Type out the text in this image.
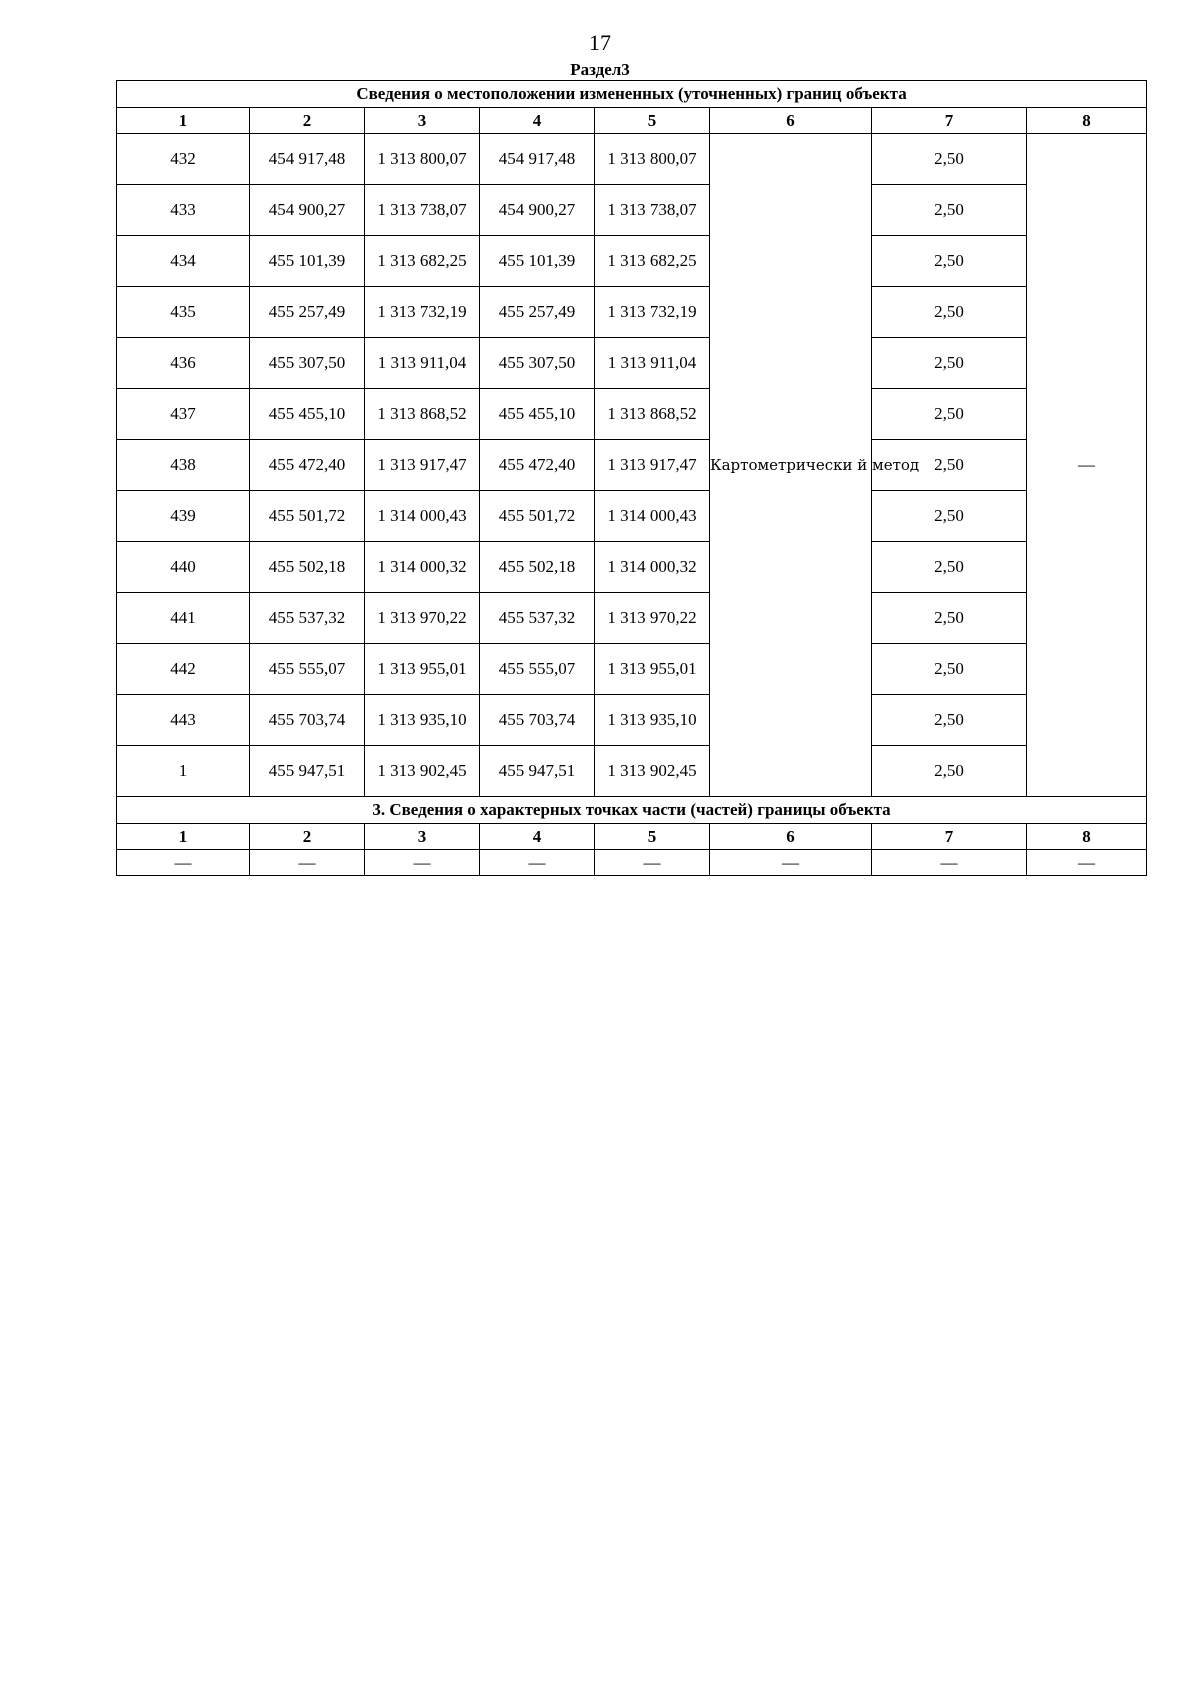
17
Раздел3
Сведения о местоположении измененных (уточненных) границ объекта							
1	2	3	4	5	6	7	8
432	454 917,48	1 313 800,07	454 917,48	1 313 800,07	Картометрически й метод	2,50	—
433	454 900,27	1 313 738,07	454 900,27	1 313 738,07		2,50	
434	455 101,39	1 313 682,25	455 101,39	1 313 682,25		2,50	
435	455 257,49	1 313 732,19	455 257,49	1 313 732,19		2,50	
436	455 307,50	1 313 911,04	455 307,50	1 313 911,04		2,50	
437	455 455,10	1 313 868,52	455 455,10	1 313 868,52		2,50	
438	455 472,40	1 313 917,47	455 472,40	1 313 917,47		2,50	
439	455 501,72	1 314 000,43	455 501,72	1 314 000,43		2,50	
440	455 502,18	1 314 000,32	455 502,18	1 314 000,32		2,50	
441	455 537,32	1 313 970,22	455 537,32	1 313 970,22		2,50	
442	455 555,07	1 313 955,01	455 555,07	1 313 955,01		2,50	
443	455 703,74	1 313 935,10	455 703,74	1 313 935,10		2,50	
1	455 947,51	1 313 902,45	455 947,51	1 313 902,45		2,50	
3. Сведения о характерных точках части (частей) границы объекта							
1	2	3	4	5	6	7	8
—	—	—	—	—	—	—	—
